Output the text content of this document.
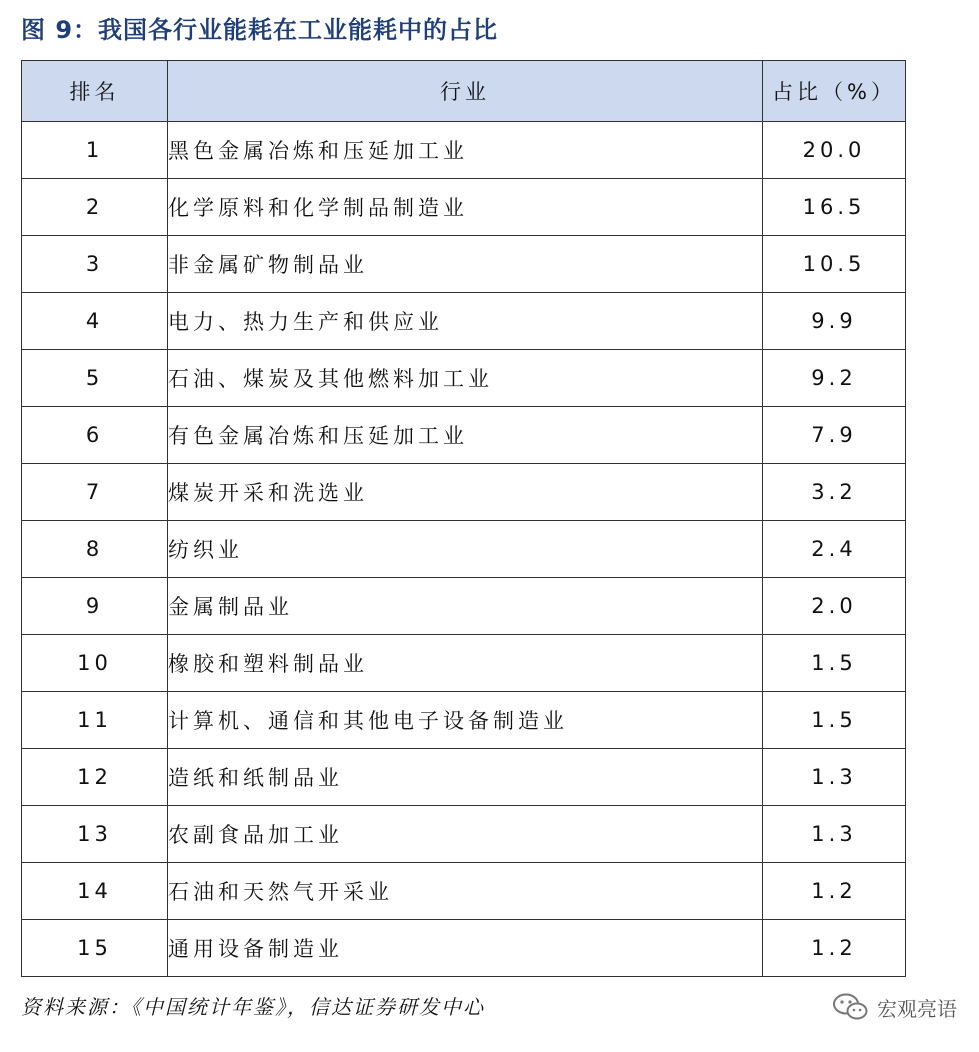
图 9：我国各行业能耗在工业能耗中的占比
排名	行业	占比（%）
1	黑色金属冶炼和压延加工业	20.0
2	化学原料和化学制品制造业	16.5
3	非金属矿物制品业	10.5
4	电力、热力生产和供应业	9.9
5	石油、煤炭及其他燃料加工业	9.2
6	有色金属冶炼和压延加工业	7.9
7	煤炭开采和洗选业	3.2
8	纺织业	2.4
9	金属制品业	2.0
10	橡胶和塑料制品业	1.5
11	计算机、通信和其他电子设备制造业	1.5
12	造纸和纸制品业	1.3
13	农副食品加工业	1.3
14	石油和天然气开采业	1.2
15	通用设备制造业	1.2
资料来源：《中国统计年鉴》，信达证券研发中心	宏观亮语
